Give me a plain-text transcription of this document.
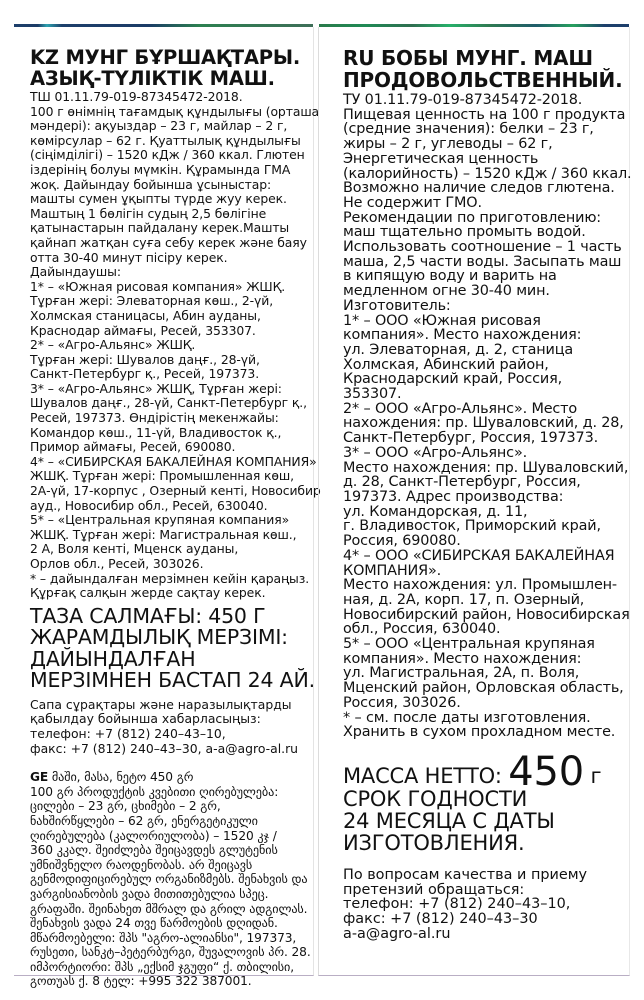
KZ МУНГ БҰРШАҚТАРЫ.
АЗЫҚ-ТҮЛІКТІК МАШ.
ТШ 01.11.79-019-87345472-2018.
100 г өнімнің тағамдық құндылығы (орташа
мәндері): ақуыздар – 23 г, майлар – 2 г,
көмірсулар – 62 г. Қуаттылық құндылығы
(сіңімділігі) – 1520 кДж / 360 ккал. Глютен
іздерінің болуы мүмкін. Құрамында ГМА
жоқ. Дайындау бойынша ұсыныстар:
машты сумен ұқыпты түрде жуу керек.
Маштың 1 бөлігін судың 2,5 бөлігіне
қатынастарын пайдалану керек.Машты
қайнап жатқан суға себу керек және баяу
отта 30-40 минут пісіру керек.
Дайындаушы:
1* – «Южная рисовая компания» ЖШҚ.
Тұрған жері: Элеваторная көш., 2-үй,
Холмская станицасы, Абин ауданы,
Краснодар аймағы, Ресей, 353307.
2* – «Агро-Альянс» ЖШҚ.
Тұрған жері: Шувалов даңғ., 28-үй,
Санкт-Петербург қ., Ресей, 197373.
3* – «Агро-Альянс» ЖШҚ, Тұрған жері:
Шувалов даңғ., 28-үй, Санкт-Петербург қ.,
Ресей, 197373. Өндірістің мекенжайы:
Командор көш., 11-үй, Владивосток қ.,
Примор аймағы, Ресей, 690080.
4* – «СИБИРСКАЯ БАКАЛЕЙНАЯ КОМПАНИЯ»
ЖШҚ. Тұрған жері: Промышленная көш,
2А-үй, 17-корпус , Озерный кенті, Новосибир
ауд., Новосибир обл., Ресей, 630040.
5* – «Центральная крупяная компания»
ЖШҚ. Тұрған жері: Магистральная көш.,
2 А, Воля кенті, Мценск ауданы,
Орлов обл., Ресей, 303026.
* – дайындалған мерзімнен кейін қараңыз.
Құрғақ салқын жерде сақтау керек.
ТАЗА САЛМАҒЫ: 450 Г
ЖАРАМДЫЛЫҚ МЕРЗІМІ:
ДАЙЫНДАЛҒАН
МЕРЗІМНЕН БАСТАП 24 АЙ.
Сапа сұрақтары және наразылықтарды
қабылдау бойынша хабарласыңыз:
телефон: +7 (812) 240–43–10,
факс: +7 (812) 240–43–30, a-a@agro-al.ru
GE მაში, მასა, ნეტო 450 გრ
100 გრ პროდუქტის კვებითი ღირებულება:
ცილები – 23 გრ, ცხიმები – 2 გრ,
ნახშირწყლები – 62 გრ, ენერგეტიკული
ღირებულება (კალორიულობა) – 1520 კჯ /
360 კკალ. შეიძლება შეიცავდეს გლუტენის
უმნიშვნელო რაოდენობას. არ შეიცავს
გენმოდიფიცირებულ ორგანიზმებს. შენახვის და
ვარგისიანობის ვადა მითითებულია სპეც.
გრაფაში. შეინახეთ მშრალ და გრილ ადგილას.
შენახვის ვადა 24 თვე წარმოების დღიდან.
მწარმოებელი: შპს "აგრო-ალიანსი", 197373,
რუსეთი, სანკტ–პეტერბურგი, შუვალოვის პრ. 28.
იმპორტიორი: შპს „ექსიმ ჯგუფი“ ქ. თბილისი,
გოთუას ქ. 8 ტელ: +995 322 387001.
RU БОБЫ МУНГ. МАШ
ПРОДОВОЛЬСТВЕННЫЙ.
ТУ 01.11.79-019-87345472-2018.
Пищевая ценность на 100 г продукта
(средние значения): белки – 23 г,
жиры – 2 г, углеводы – 62 г,
Энергетическая ценность
(калорийность) – 1520 кДж / 360 ккал.
Возможно наличие следов глютена.
Не содержит ГМО.
Рекомендации по приготовлению:
маш тщательно промыть водой.
Использовать соотношение – 1 часть
маша, 2,5 части воды. Засыпать маш
в кипящую воду и варить на
медленном огне 30-40 мин.
Изготовитель:
1* – ООО «Южная рисовая
компания». Место нахождения:
ул. Элеваторная, д. 2, станица
Холмская, Абинский район,
Краснодарский край, Россия,
353307.
2* – ООО «Агро-Альянс». Место
нахождения: пр. Шуваловский, д. 28,
Санкт-Петербург, Россия, 197373.
3* – ООО «Агро-Альянс».
Место нахождения: пр. Шуваловский,
д. 28, Санкт-Петербург, Россия,
197373. Адрес производства:
ул. Командорская, д. 11,
г. Владивосток, Приморский край,
Россия, 690080.
4* – ООО «СИБИРСКАЯ БАКАЛЕЙНАЯ
КОМПАНИЯ».
Место нахождения: ул. Промышлен-
ная, д. 2А, корп. 17, п. Озерный,
Новосибирский район, Новосибирская
обл., Россия, 630040.
5* – ООО «Центральная крупяная
компания». Место нахождения:
ул. Магистральная, 2А, п. Воля,
Мценский район, Орловская область,
Россия, 303026.
* – см. после даты изготовления.
Хранить в сухом прохладном месте.
МАССА НЕТТО: 450 г
СРОК ГОДНОСТИ
24 МЕСЯЦА С ДАТЫ
ИЗГОТОВЛЕНИЯ.
По вопросам качества и приему
претензий обращаться:
телефон: +7 (812) 240–43–10,
факс: +7 (812) 240–43–30
a-a@agro-al.ru
